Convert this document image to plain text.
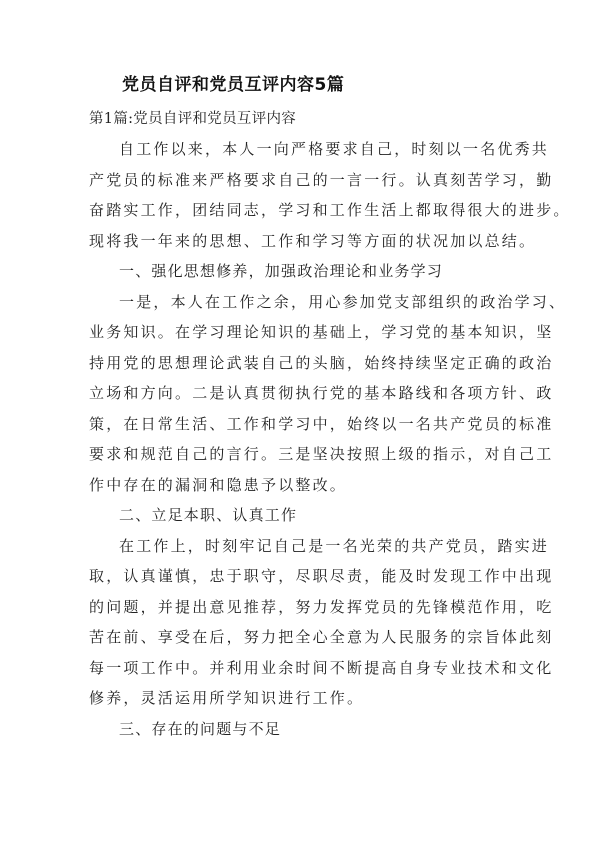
党员自评和党员互评内容5篇
第1篇:党员自评和党员互评内容
自工作以来，本人一向严格要求自己，时刻以一名优秀共
产党员的标准来严格要求自己的一言一行。认真刻苦学习，勤
奋踏实工作，团结同志，学习和工作生活上都取得很大的进步。
现将我一年来的思想、工作和学习等方面的状况加以总结。
一、强化思想修养，加强政治理论和业务学习
一是，本人在工作之余，用心参加党支部组织的政治学习、
业务知识。在学习理论知识的基础上，学习党的基本知识，坚
持用党的思想理论武装自己的头脑，始终持续坚定正确的政治
立场和方向。二是认真贯彻执行党的基本路线和各项方针、政
策，在日常生活、工作和学习中，始终以一名共产党员的标准
要求和规范自己的言行。三是坚决按照上级的指示，对自己工
作中存在的漏洞和隐患予以整改。
二、立足本职、认真工作
在工作上，时刻牢记自己是一名光荣的共产党员，踏实进
取，认真谨慎，忠于职守，尽职尽责，能及时发现工作中出现
的问题，并提出意见推荐，努力发挥党员的先锋模范作用，吃
苦在前、享受在后，努力把全心全意为人民服务的宗旨体此刻
每一项工作中。并利用业余时间不断提高自身专业技术和文化
修养，灵活运用所学知识进行工作。
三、存在的问题与不足
